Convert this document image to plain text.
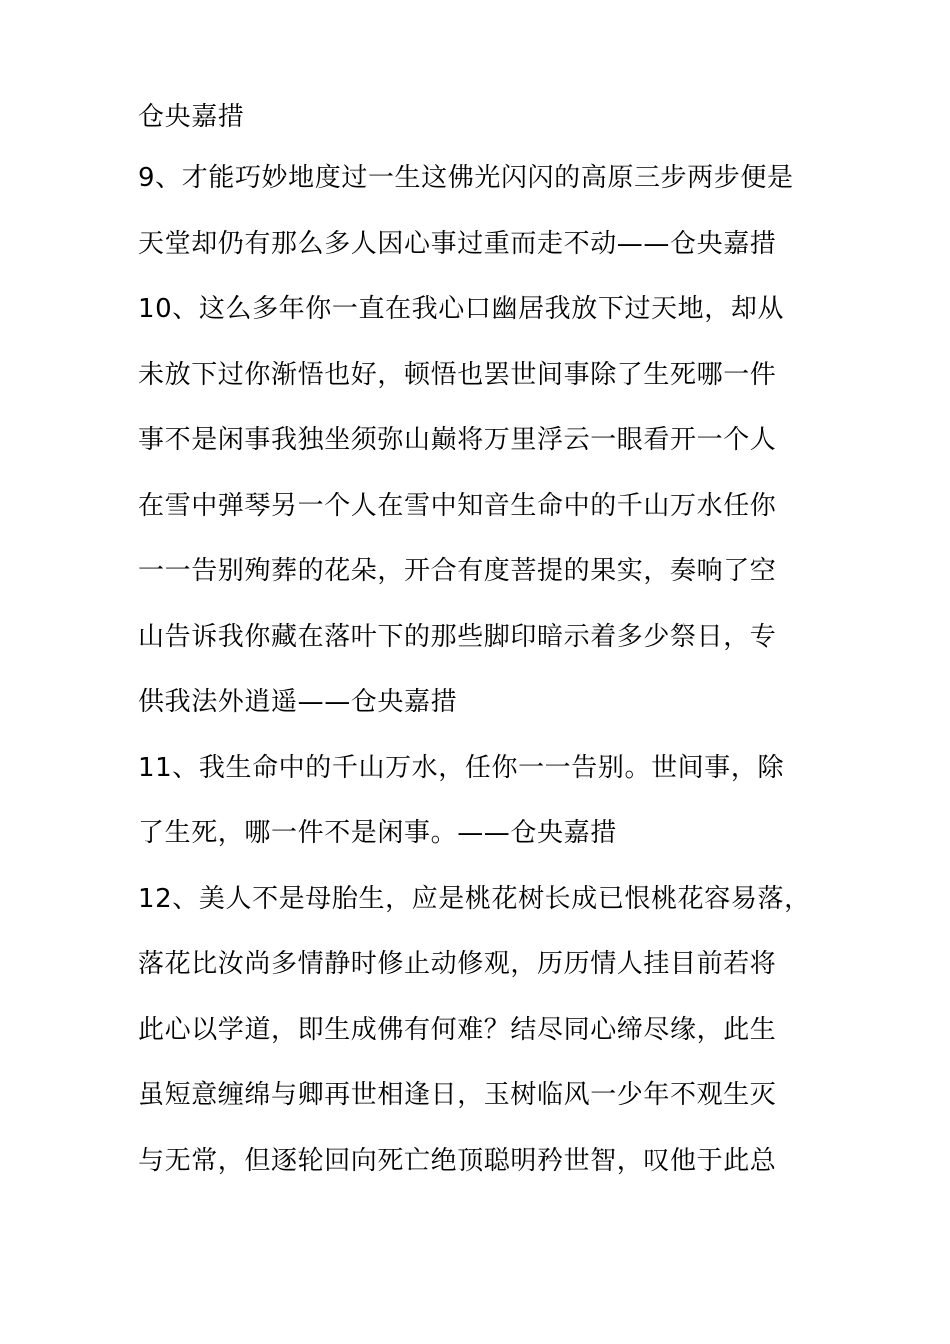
仓央嘉措
9、才能巧妙地度过一生这佛光闪闪的高原三步两步便是
天堂却仍有那么多人因心事过重而走不动——仓央嘉措
10、这么多年你一直在我心口幽居我放下过天地，却从
未放下过你渐悟也好，顿悟也罢世间事除了生死哪一件
事不是闲事我独坐须弥山巅将万里浮云一眼看开一个人
在雪中弹琴另一个人在雪中知音生命中的千山万水任你
一一告别殉葬的花朵，开合有度菩提的果实，奏响了空
山告诉我你藏在落叶下的那些脚印暗示着多少祭日，专
供我法外逍遥——仓央嘉措
11、我生命中的千山万水，任你一一告别。世间事，除
了生死，哪一件不是闲事。——仓央嘉措
12、美人不是母胎生，应是桃花树长成已恨桃花容易落，
落花比汝尚多情静时修止动修观，历历情人挂目前若将
此心以学道，即生成佛有何难？结尽同心缔尽缘，此生
虽短意缠绵与卿再世相逢日，玉树临风一少年不观生灭
与无常，但逐轮回向死亡绝顶聪明矜世智，叹他于此总
